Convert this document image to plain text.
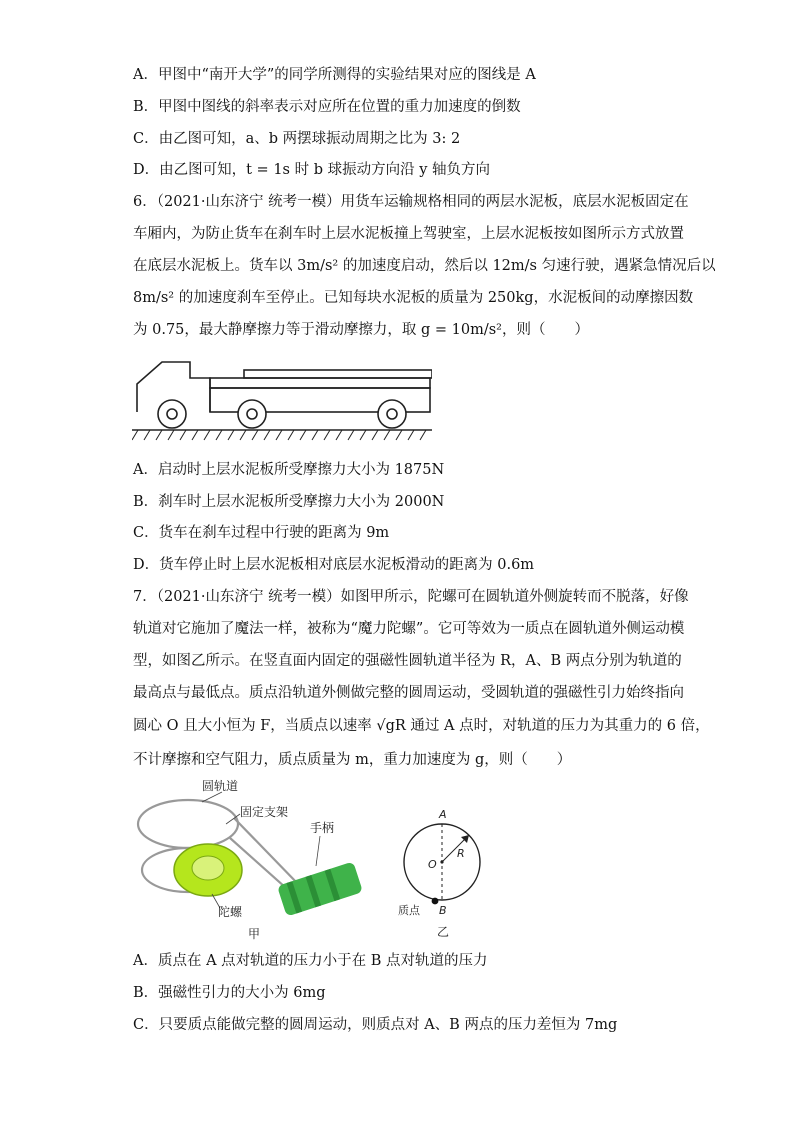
A．甲图中“南开大学”的同学所测得的实验结果对应的图线是 A
B．甲图中图线的斜率表示对应所在位置的重力加速度的倒数
C．由乙图可知，a、b 两摆球振动周期之比为 3: 2
D．由乙图可知，t = 1s 时 b 球振动方向沿 y 轴负方向
6．（2021·山东济宁 统考一模）用货车运输规格相同的两层水泥板，底层水泥板固定在
车厢内，为防止货车在刹车时上层水泥板撞上驾驶室，上层水泥板按如图所示方式放置
在底层水泥板上。货车以 3m/s² 的加速度启动，然后以 12m/s 匀速行驶，遇紧急情况后以
8m/s² 的加速度刹车至停止。已知每块水泥板的质量为 250kg，水泥板间的动摩擦因数
为 0.75，最大静摩擦力等于滑动摩擦力，取 g = 10m/s²，则（　　）
A．启动时上层水泥板所受摩擦力大小为 1875N
B．刹车时上层水泥板所受摩擦力大小为 2000N
C．货车在刹车过程中行驶的距离为 9m
D．货车停止时上层水泥板相对底层水泥板滑动的距离为 0.6m
7．（2021·山东济宁 统考一模）如图甲所示，陀螺可在圆轨道外侧旋转而不脱落，好像
轨道对它施加了魔法一样，被称为“魔力陀螺”。它可等效为一质点在圆轨道外侧运动模
型，如图乙所示。在竖直面内固定的强磁性圆轨道半径为 R，A、B 两点分别为轨道的
最高点与最低点。质点沿轨道外侧做完整的圆周运动，受圆轨道的强磁性引力始终指向
圆心 O 且大小恒为 F，当质点以速率 √gR 通过 A 点时，对轨道的压力为其重力的 6 倍，
不计摩擦和空气阻力，质点质量为 m，重力加速度为 g，则（　　）
圆轨道
固定支架
手柄
陀螺
甲
A
B
O
R
质点
乙
A．质点在 A 点对轨道的压力小于在 B 点对轨道的压力
B．强磁性引力的大小为 6mg
C．只要质点能做完整的圆周运动，则质点对 A、B 两点的压力差恒为 7mg
